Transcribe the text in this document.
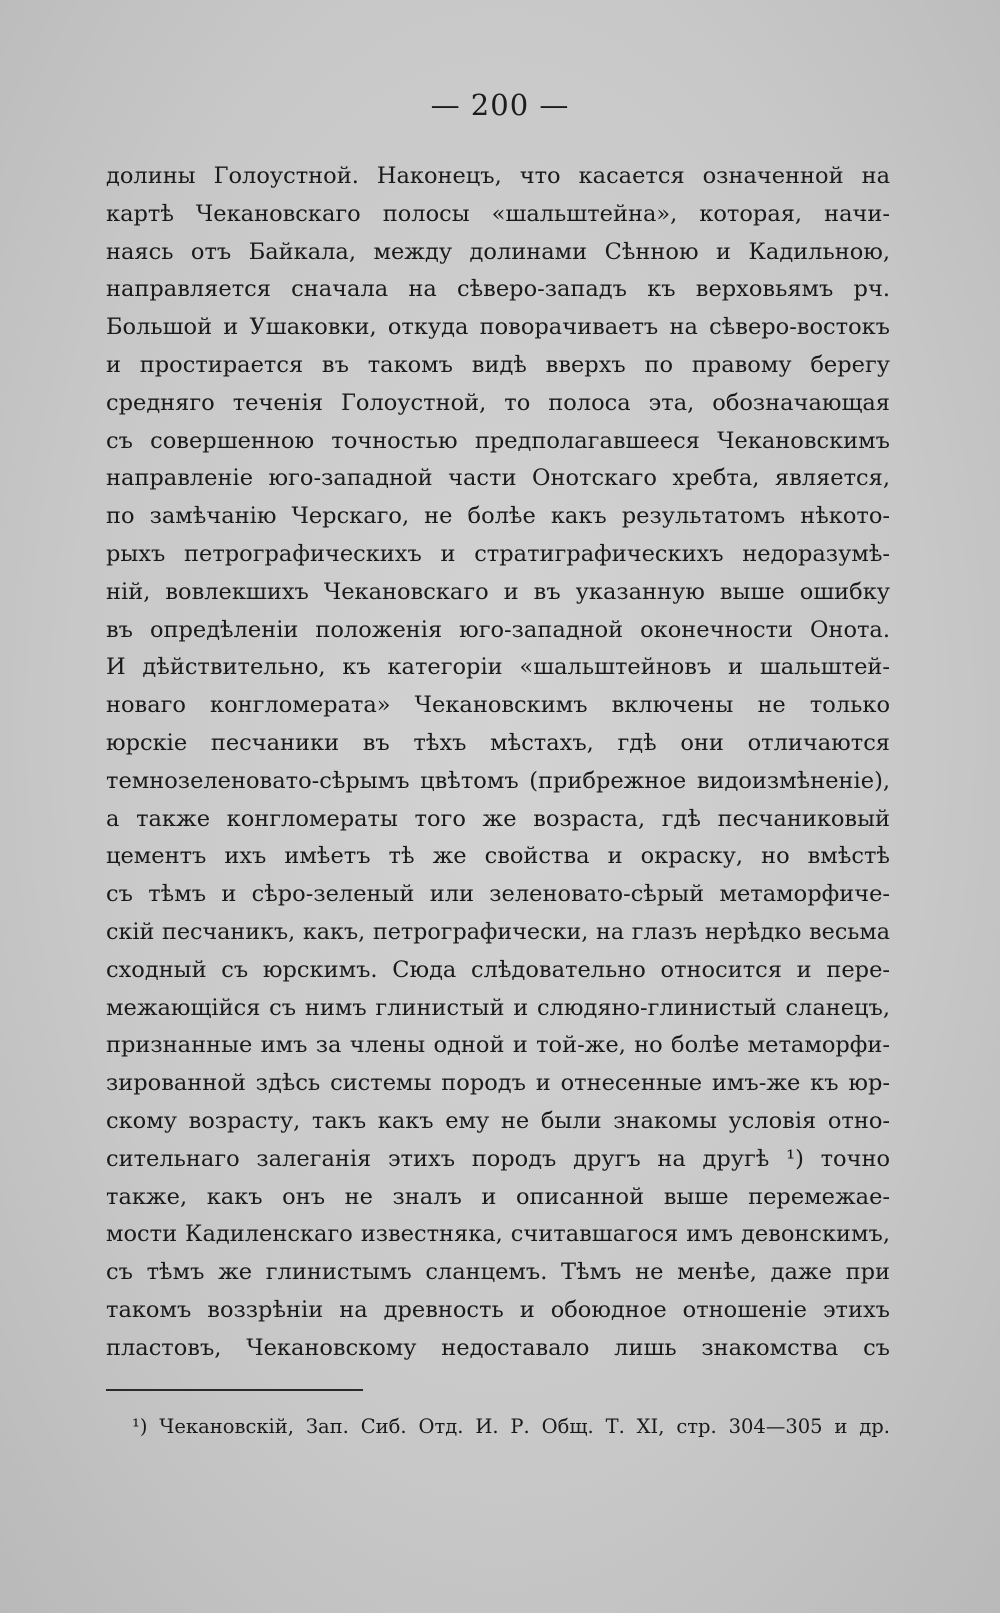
— 200 —
долины Голоустной. Наконецъ, что касается означенной на
картѣ Чекановскаго полосы «шальштейна», которая, начи-
наясь отъ Байкала, между долинами Сѣнною и Кадильною,
направляется сначала на сѣверо-западъ къ верховьямъ рч.
Большой и Ушаковки, откуда поворачиваетъ на сѣверо-востокъ
и простирается въ такомъ видѣ вверхъ по правому берегу
средняго теченія Голоустной, то полоса эта, обозначающая
съ совершенною точностью предполагавшееся Чекановскимъ
направленіе юго-западной части Онотскаго хребта, является,
по замѣчанію Черскаго, не болѣе какъ результатомъ нѣкото-
рыхъ петрографическихъ и стратиграфическихъ недоразумѣ-
ній, вовлекшихъ Чекановскаго и въ указанную выше ошибку
въ опредѣленіи положенія юго-западной оконечности Онота.
И дѣйствительно, къ категоріи «шальштейновъ и шальштей-
новаго конгломерата» Чекановскимъ включены не только
юрскіе песчаники въ тѣхъ мѣстахъ, гдѣ они отличаются
темнозеленовато-сѣрымъ цвѣтомъ (прибрежное видоизмѣненіе),
а также конгломераты того же возраста, гдѣ песчаниковый
цементъ ихъ имѣетъ тѣ же свойства и окраску, но вмѣстѣ
съ тѣмъ и сѣро-зеленый или зеленовато-сѣрый метаморфиче-
скій песчаникъ, какъ, петрографически, на глазъ нерѣдко весьма
сходный съ юрскимъ. Сюда слѣдовательно относится и пере-
межающійся съ нимъ глинистый и слюдяно-глинистый сланецъ,
признанные имъ за члены одной и той-же, но болѣе метаморфи-
зированной здѣсь системы породъ и отнесенные имъ-же къ юр-
скому возрасту, такъ какъ ему не были знакомы условія отно-
сительнаго залеганія этихъ породъ другъ на другѣ ¹) точно
также, какъ онъ не зналъ и описанной выше перемежае-
мости Кадиленскаго известняка, считавшагося имъ девонскимъ,
съ тѣмъ же глинистымъ сланцемъ. Тѣмъ не менѣе, даже при
такомъ воззрѣніи на древность и обоюдное отношеніе этихъ
пластовъ, Чекановскому недоставало лишь знакомства съ
¹) Чекановскій, Зап. Сиб. Отд. И. Р. Общ. Т. XI, стр. 304—305 и др.
